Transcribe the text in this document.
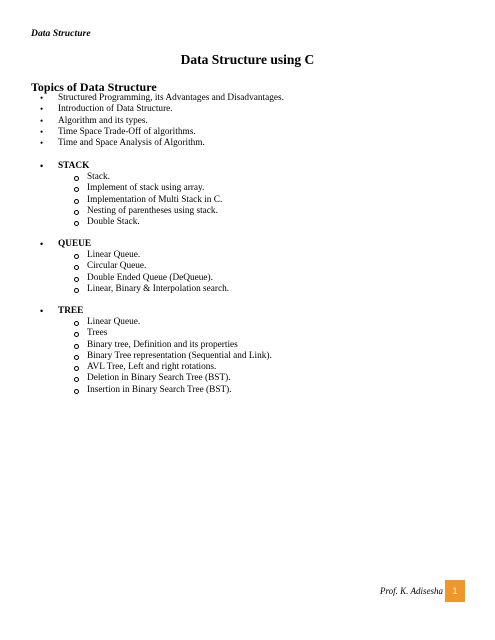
Data Structure
Data Structure using C
Topics of Data Structure
• Structured Programming, its Advantages and Disadvantages.
• Introduction of Data Structure.
• Algorithm and its types.
• Time Space Trade-Off of algorithms.
• Time and Space Analysis of Algorithm.
• STACK
Stack.
Implement of stack using array.
Implementation of Multi Stack in C.
Nesting of parentheses using stack.
Double Stack.
• QUEUE
Linear Queue.
Circular Queue.
Double Ended Queue (DeQueue).
Linear, Binary & Interpolation search.
• TREE
Linear Queue.
Trees
Binary tree, Definition and its properties
Binary Tree representation (Sequential and Link).
AVL Tree, Left and right rotations.
Deletion in Binary Search Tree (BST).
Insertion in Binary Search Tree (BST).
Prof. K. Adisesha	1
